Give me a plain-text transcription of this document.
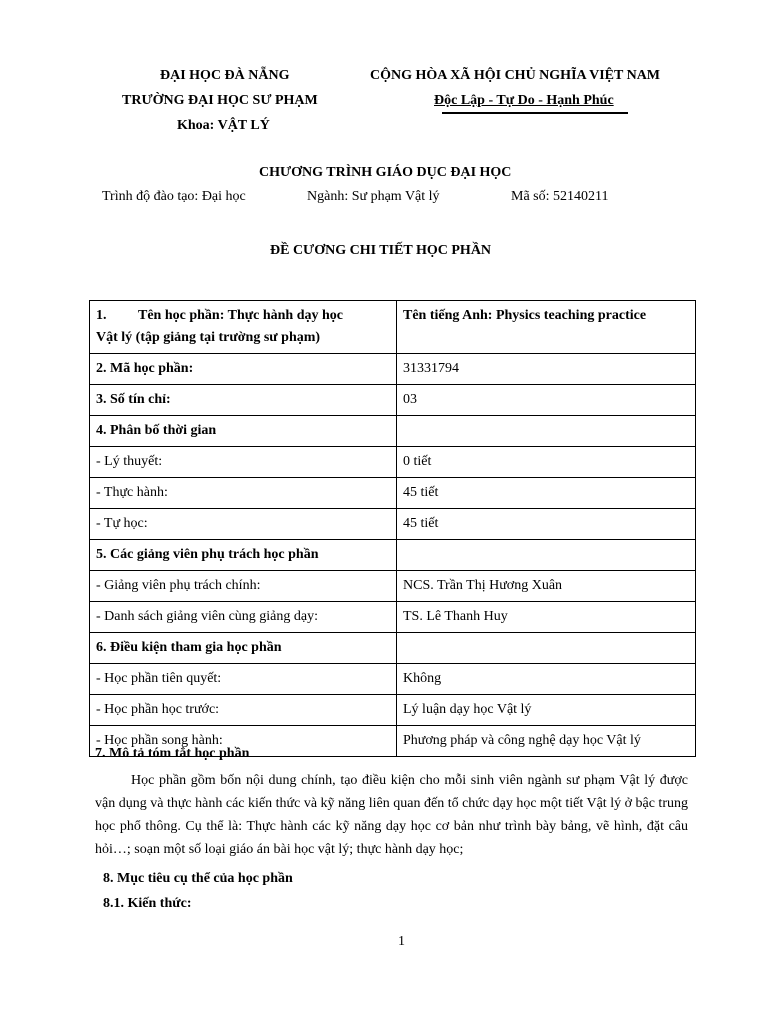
ĐẠI HỌC ĐÀ NẴNG
TRƯỜNG ĐẠI HỌC SƯ PHẠM
Khoa: VẬT LÝ
CỘNG HÒA XÃ HỘI CHỦ NGHĨA VIỆT NAM
Độc Lập - Tự Do - Hạnh Phúc
CHƯƠNG TRÌNH GIÁO DỤC ĐẠI HỌC
Trình độ đào tạo: Đại học	Ngành: Sư phạm Vật lý	Mã số: 52140211
ĐỀ CƯƠNG CHI TIẾT HỌC PHẦN
1.         Tên học phần: Thực hành dạy học
Vật lý (tập giảng tại trường sư phạm)	Tên tiếng Anh: Physics teaching practice
2. Mã học phần:	31331794
3. Số tín chỉ:	03
4. Phân bố thời gian	
- Lý thuyết:	0 tiết
- Thực hành:	45 tiết
- Tự học:	45 tiết
5. Các giảng viên phụ trách học phần	
- Giảng viên phụ trách chính:	NCS. Trần Thị Hương Xuân
- Danh sách giảng viên cùng giảng dạy:	TS. Lê Thanh Huy
6. Điều kiện tham gia học phần	
- Học phần tiên quyết:	Không
- Học phần học trước:	Lý luận dạy học Vật lý
- Học phần song hành:	Phương pháp và công nghệ dạy học Vật lý
7. Mô tả tóm tắt học phần
Học phần gồm bốn nội dung chính, tạo điều kiện cho mỗi sinh viên ngành sư phạm Vật lý được vận dụng và thực hành các kiến thức và kỹ năng liên quan đến tổ chức dạy học một tiết Vật lý ở bậc trung học phổ thông. Cụ thể là: Thực hành các kỹ năng dạy học cơ bản như trình bày bảng, vẽ hình, đặt câu hỏi…; soạn một số loại giáo án bài học vật lý; thực hành dạy học;
8. Mục tiêu cụ thể của học phần
8.1. Kiến thức:
1
